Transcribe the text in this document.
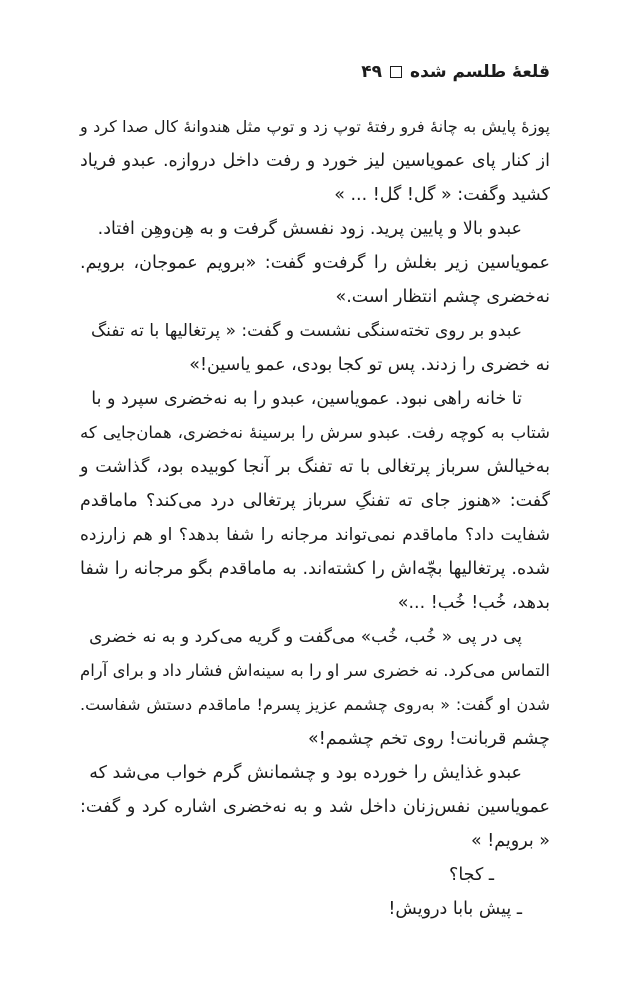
قلعهٔ طلسم شده
۴۹
پوزهٔ پایش به چانهٔ فرو رفتهٔ توپ زد و توپ مثل هندوانهٔ کال صدا کرد و
از کنار پای عمویاسین لیز خورد و رفت داخل دروازه. عبدو فریاد
کشید وگفت: « گل! گل! ... »
عبدو بالا و پایین پرید. زود نفسش گرفت و به هِن‌وهِن افتاد.
عمویاسین زیر بغلش را گرفت‌و گفت: «برویم عموجان، برویم.
نه‌خضری چشم انتظار است.»
عبدو بر روی تخته‌سنگی نشست و گفت: « پرتغالیها با ته تفنگ
نه خضری را زدند. پس تو کجا بودی، عمو یاسین!»
تا خانه راهی نبود. عمویاسین، عبدو را به نه‌خضری سپرد و با
شتاب به کوچه رفت. عبدو سرش را برسینهٔ نه‌خضری، همان‌جایی که
به‌خیالش سرباز پرتغالی با ته تفنگ بر آنجا کوبیده بود، گذاشت و
گفت: «هنوز جای ته تفنگِ سرباز پرتغالی درد می‌کند؟ ماماقدم
شفایت داد؟ ماماقدم نمی‌تواند مرجانه را شفا بدهد؟ او هم زارزده
شده. پرتغالیها بچّه‌اش را کشته‌اند. به ماماقدم بگو مرجانه را شفا
بدهد، خُب! خُب! ...»
پی در پی « خُب، خُب» می‌گفت و گریه می‌کرد و به نه خضری
التماس می‌کرد. نه خضری سر او را به سینه‌اش فشار داد و برای آرام
شدن او گفت: « به‌روی چشمم عزیز پسرم! ماماقدم دستش شفاست.
چشم قربانت! روی تخم چشمم!»
عبدو غذایش را خورده بود و چشمانش گرم خواب می‌شد که
عمویاسین نفس‌زنان داخل شد و به نه‌خضری اشاره کرد و گفت:
« برویم! »
ـ کجا؟
ـ پیش بابا درویش!
